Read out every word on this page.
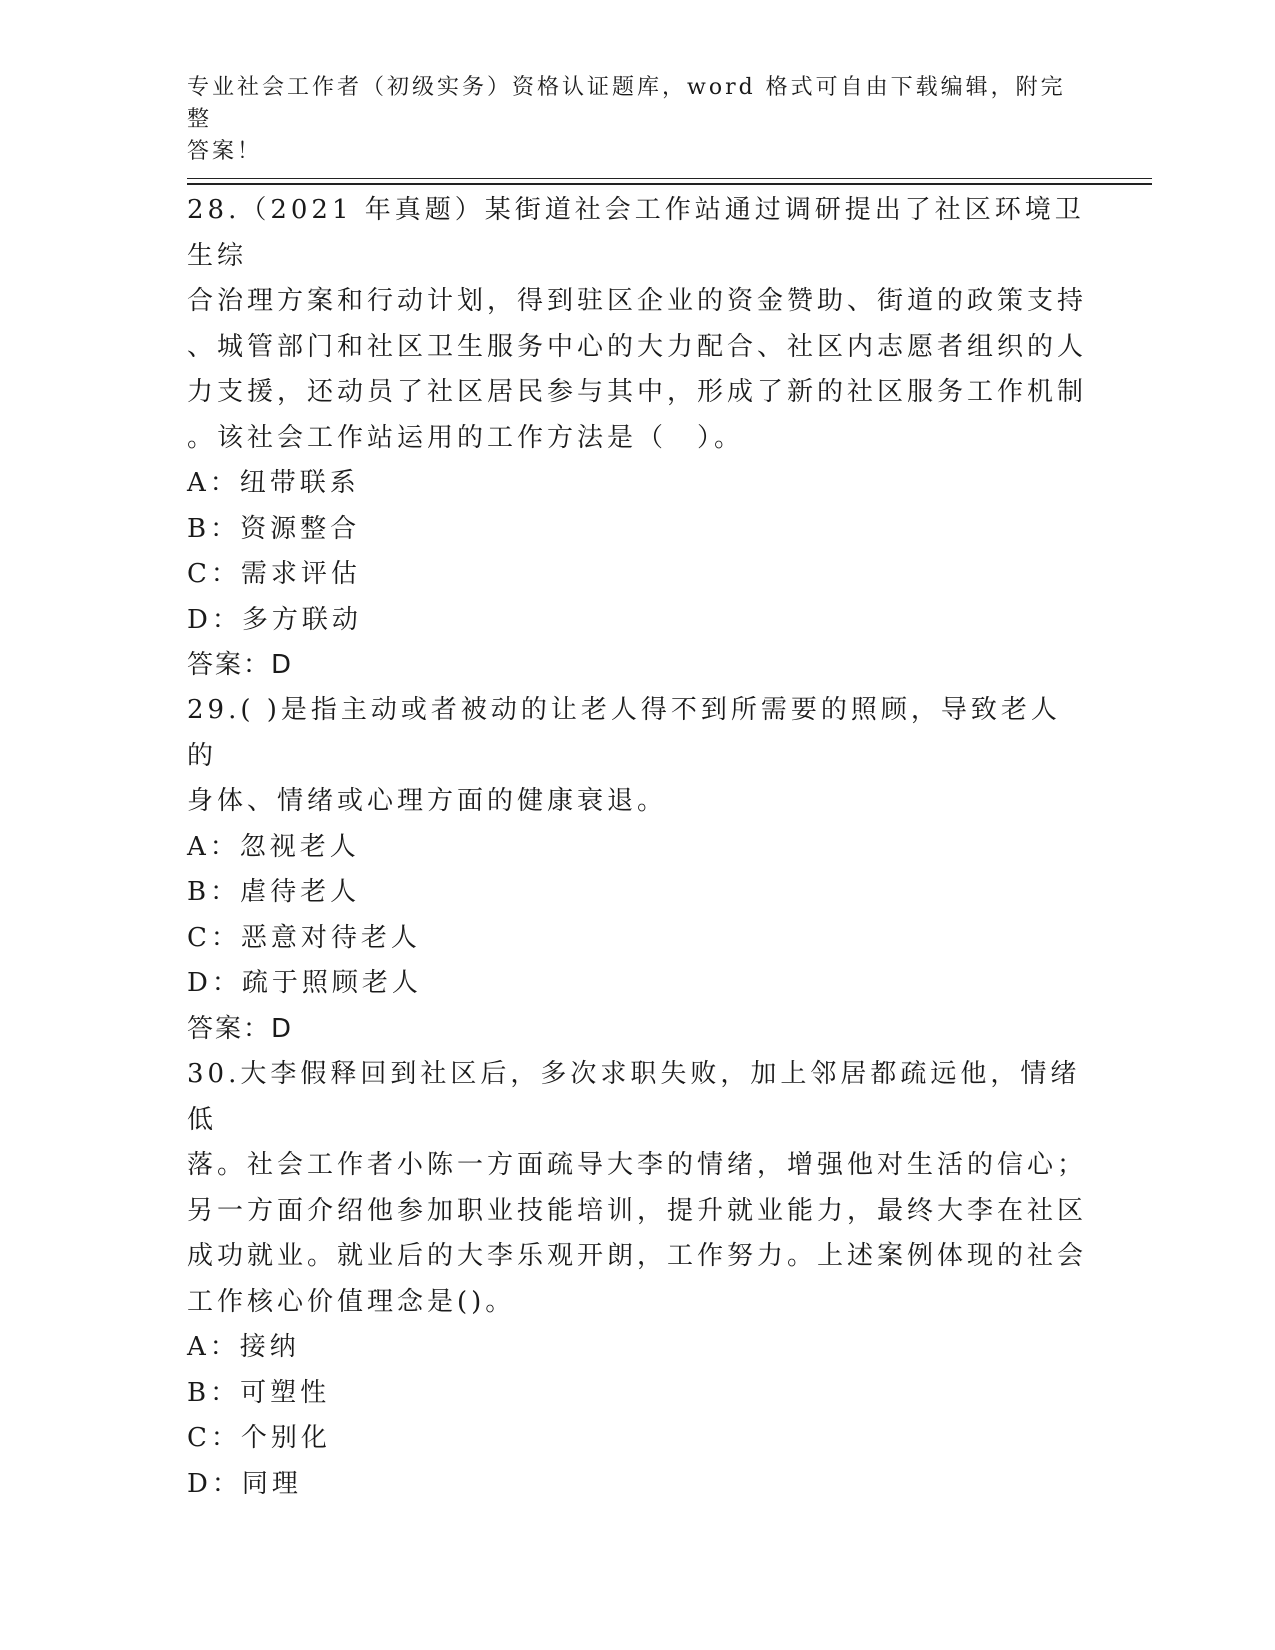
专业社会工作者（初级实务）资格认证题库，word 格式可自由下载编辑，附完整
答案！

28.（2021 年真题）某街道社会工作站通过调研提出了社区环境卫生综

合治理方案和行动计划，得到驻区企业的资金赞助、街道的政策支持

、城管部门和社区卫生服务中心的大力配合、社区内志愿者组织的人

力支援，还动员了社区居民参与其中，形成了新的社区服务工作机制

。该社会工作站运用的工作方法是（　）。

A：纽带联系

B：资源整合

C：需求评估

D：多方联动

答案：D

29.( )是指主动或者被动的让老人得不到所需要的照顾，导致老人的

身体、情绪或心理方面的健康衰退。

A：忽视老人

B：虐待老人

C：恶意对待老人

D：疏于照顾老人

答案：D

30.大李假释回到社区后，多次求职失败，加上邻居都疏远他，情绪低

落。社会工作者小陈一方面疏导大李的情绪，增强他对生活的信心；

另一方面介绍他参加职业技能培训，提升就业能力，最终大李在社区

成功就业。就业后的大李乐观开朗，工作努力。上述案例体现的社会

工作核心价值理念是()。

A：接纳

B：可塑性

C：个别化

D：同理
